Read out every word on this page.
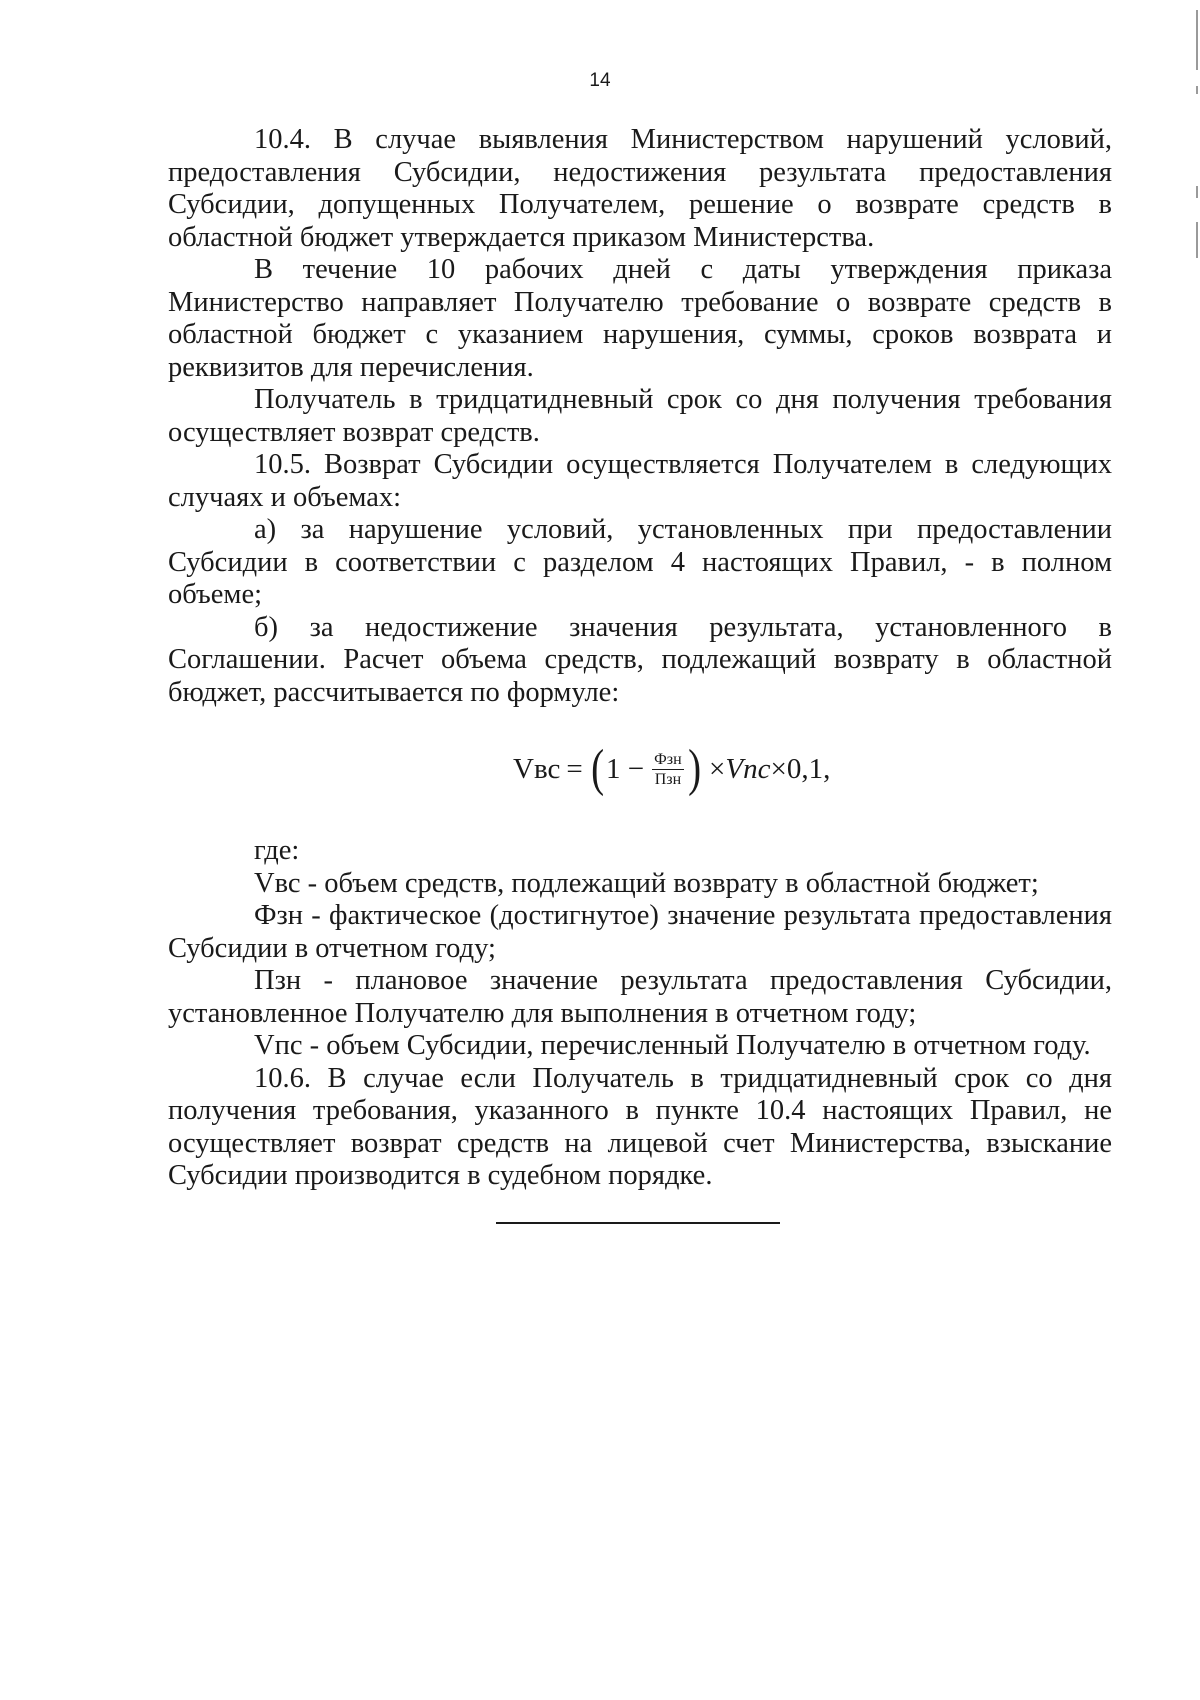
14

10.4. В случае выявления Министерством нарушений условий, предоставления Субсидии, недостижения результата предоставления Субсидии, допущенных Получателем, решение о возврате средств в областной бюджет утверждается приказом Министерства.

В течение 10 рабочих дней с даты утверждения приказа Министерство направляет Получателю требование о возврате средств в областной бюджет с указанием нарушения, суммы, сроков возврата и реквизитов для перечисления.

Получатель в тридцатидневный срок со дня получения требования осуществляет возврат средств.

10.5. Возврат Субсидии осуществляется Получателем в следующих случаях и объемах:

а) за нарушение условий, установленных при предоставлении Субсидии в соответствии с разделом 4 настоящих Правил, - в полном объеме;

б) за недостижение значения результата, установленного в Соглашении. Расчет объема средств, подлежащий возврату в областной бюджет, рассчитывается по формуле:

Vвс = ( $1 - \frac{\text{Фзн}}{\text{Пзн}}$ ) × Vnc × 0,1,

где:

Vвс - объем средств, подлежащий возврату в областной бюджет;

Фзн - фактическое (достигнутое) значение результата предоставления Субсидии в отчетном году;

Пзн - плановое значение результата предоставления Субсидии, установленное Получателю для выполнения в отчетном году;

Vпс - объем Субсидии, перечисленный Получателю в отчетном году.

10.6. В случае если Получатель в тридцатидневный срок со дня получения требования, указанного в пункте 10.4 настоящих Правил, не осуществляет возврат средств на лицевой счет Министерства, взыскание Субсидии производится в судебном порядке.
